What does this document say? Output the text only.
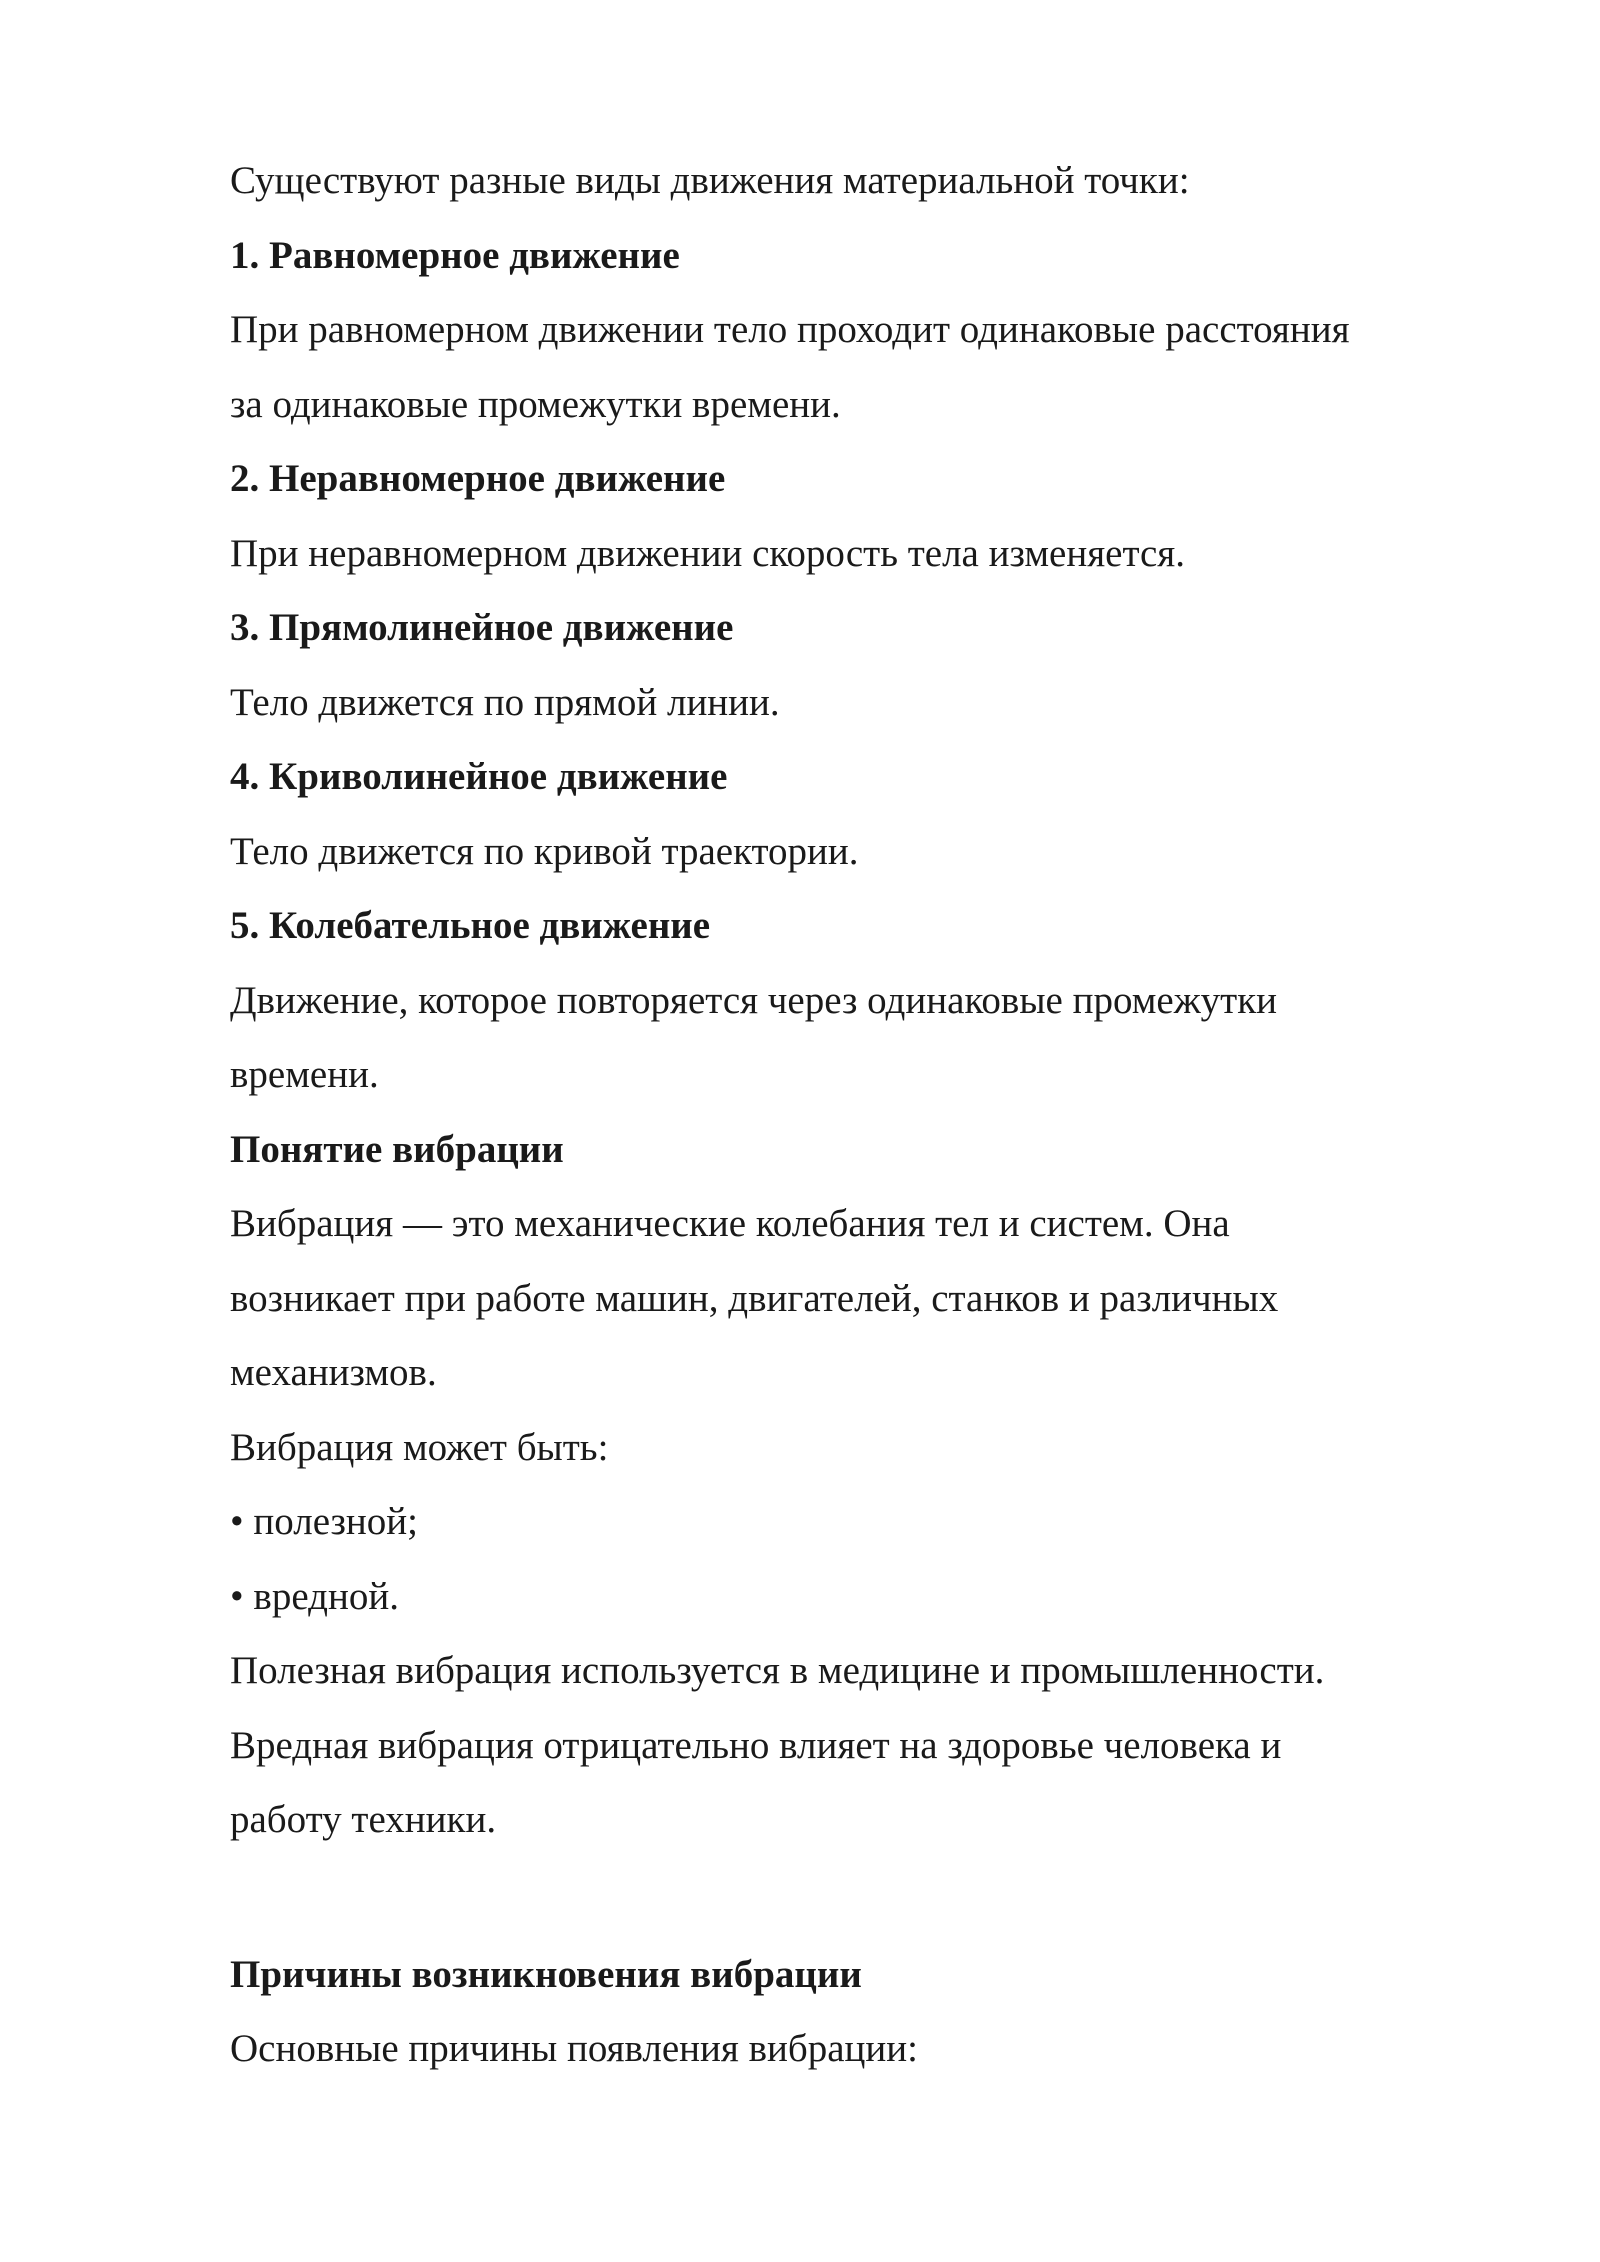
Существуют разные виды движения материальной точки:
1. Равномерное движение
При равномерном движении тело проходит одинаковые расстояния
за одинаковые промежутки времени.
2. Неравномерное движение
При неравномерном движении скорость тела изменяется.
3. Прямолинейное движение
Тело движется по прямой линии.
4. Криволинейное движение
Тело движется по кривой траектории.
5. Колебательное движение
Движение, которое повторяется через одинаковые промежутки
времени.
Понятие вибрации
Вибрация — это механические колебания тел и систем. Она
возникает при работе машин, двигателей, станков и различных
механизмов.
Вибрация может быть:
• полезной;
• вредной.
Полезная вибрация используется в медицине и промышленности.
Вредная вибрация отрицательно влияет на здоровье человека и
работу техники.
Причины возникновения вибрации
Основные причины появления вибрации:
